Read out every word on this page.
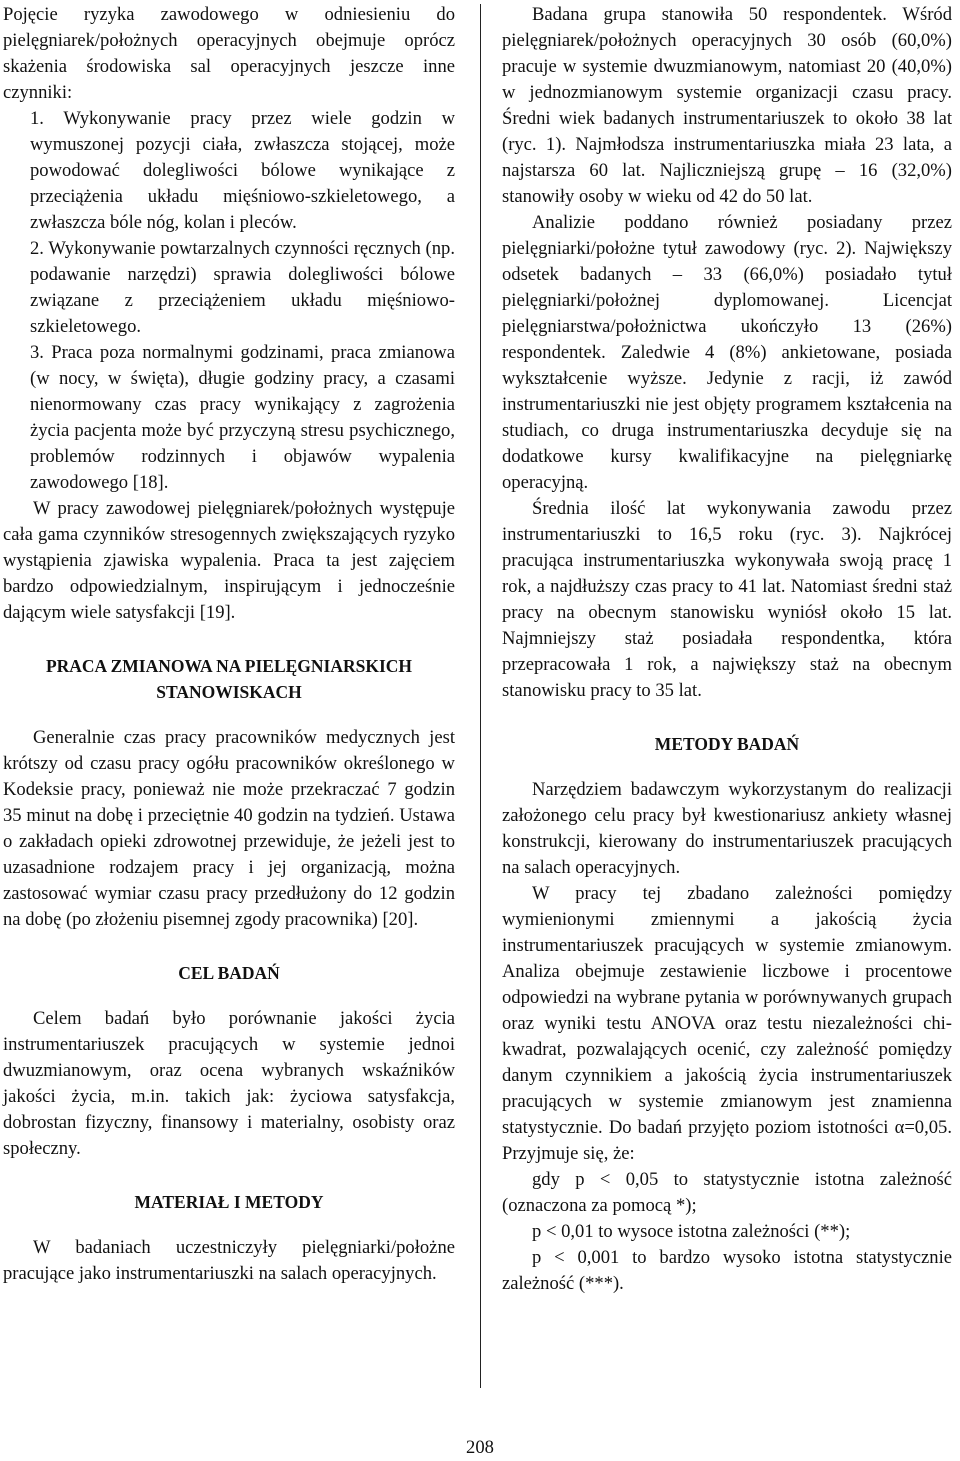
Pojęcie ryzyka zawodowego w odniesieniu do pielęgniarek/położnych operacyjnych obejmuje oprócz skażenia środowiska sal operacyjnych jeszcze inne czynniki:

1. Wykonywanie pracy przez wiele godzin w wymuszonej pozycji ciała, zwłaszcza stojącej, może powodować dolegliwości bólowe wynikające z przeciążenia układu mięśniowo-szkieletowego, a zwłaszcza bóle nóg, kolan i pleców.

2. Wykonywanie powtarzalnych czynności ręcznych (np. podawanie narzędzi) sprawia dolegliwości bólowe związane z przeciążeniem układu mięśniowo-szkieletowego.

3. Praca poza normalnymi godzinami, praca zmianowa (w nocy, w święta), długie godziny pracy, a czasami nienormowany czas pracy wynikający z zagrożenia życia pacjenta może być przyczyną stresu psychicznego, problemów rodzinnych i objawów wypalenia zawodowego [18].

W pracy zawodowej pielęgniarek/położnych występuje cała gama czynników stresogennych zwiększających ryzyko wystąpienia zjawiska wypalenia. Praca ta jest zajęciem bardzo odpowiedzialnym, inspirującym i jednocześnie dającym wiele satysfakcji [19].

PRACA ZMIANOWA NA PIELĘGNIARSKICH STANOWISKACH

Generalnie czas pracy pracowników medycznych jest krótszy od czasu pracy ogółu pracowników określonego w Kodeksie pracy, ponieważ nie może przekraczać 7 godzin 35 minut na dobę i przeciętnie 40 godzin na tydzień. Ustawa o zakładach opieki zdrowotnej przewiduje, że jeżeli jest to uzasadnione rodzajem pracy i jej organizacją, można zastosować wymiar czasu pracy przedłużony do 12 godzin na dobę (po złożeniu pisemnej zgody pracownika) [20].

CEL BADAŃ

Celem badań było porównanie jakości życia instrumentariuszek pracujących w systemie jednoi dwuzmianowym, oraz ocena wybranych wskaźników jakości życia, m.in. takich jak: życiowa satysfakcja, dobrostan fizyczny, finansowy i materialny, osobisty oraz społeczny.

MATERIAŁ I METODY

W badaniach uczestniczyły pielęgniarki/położne pracujące jako instrumentariuszki na salach operacyjnych.

Badana grupa stanowiła 50 respondentek. Wśród pielęgniarek/położnych operacyjnych 30 osób (60,0%) pracuje w systemie dwuzmianowym, natomiast 20 (40,0%) w jednozmianowym systemie organizacji czasu pracy. Średni wiek badanych instrumentariuszek to około 38 lat (ryc. 1). Najmłodsza instrumentariuszka miała 23 lata, a najstarsza 60 lat. Najliczniejszą grupę – 16 (32,0%) stanowiły osoby w wieku od 42 do 50 lat.

Analizie poddano również posiadany przez pielęgniarki/położne tytuł zawodowy (ryc. 2). Największy odsetek badanych – 33 (66,0%) posiadało tytuł pielęgniarki/położnej dyplomowanej. Licencjat pielęgniarstwa/położnictwa ukończyło 13 (26%) respondentek. Zaledwie 4 (8%) ankietowane, posiada wykształcenie wyższe. Jedynie z racji, iż zawód instrumentariuszki nie jest objęty programem kształcenia na studiach, co druga instrumentariuszka decyduje się na dodatkowe kursy kwalifikacyjne na pielęgniarkę operacyjną.

Średnia ilość lat wykonywania zawodu przez instrumentariuszki to 16,5 roku (ryc. 3). Najkrócej pracująca instrumentariuszka wykonywała swoją pracę 1 rok, a najdłuższy czas pracy to 41 lat. Natomiast średni staż pracy na obecnym stanowisku wyniósł około 15 lat. Najmniejszy staż posiadała respondentka, która przepracowała 1 rok, a największy staż na obecnym stanowisku pracy to 35 lat.

METODY BADAŃ

Narzędziem badawczym wykorzystanym do realizacji założonego celu pracy był kwestionariusz ankiety własnej konstrukcji, kierowany do instrumentariuszek pracujących na salach operacyjnych.

W pracy tej zbadano zależności pomiędzy wymienionymi zmiennymi a jakością życia instrumentariuszek pracujących w systemie zmianowym. Analiza obejmuje zestawienie liczbowe i procentowe odpowiedzi na wybrane pytania w porównywanych grupach oraz wyniki testu ANOVA oraz testu niezależności chi-kwadrat, pozwalających ocenić, czy zależność pomiędzy danym czynnikiem a jakością życia instrumentariuszek pracujących w systemie zmianowym jest znamienna statystycznie. Do badań przyjęto poziom istotności α=0,05. Przyjmuje się, że:

gdy p < 0,05 to statystycznie istotna zależność (oznaczona za pomocą *);

p < 0,01 to wysoce istotna zależności (**);

p < 0,001 to bardzo wysoko istotna statystycznie zależność (***).

208
